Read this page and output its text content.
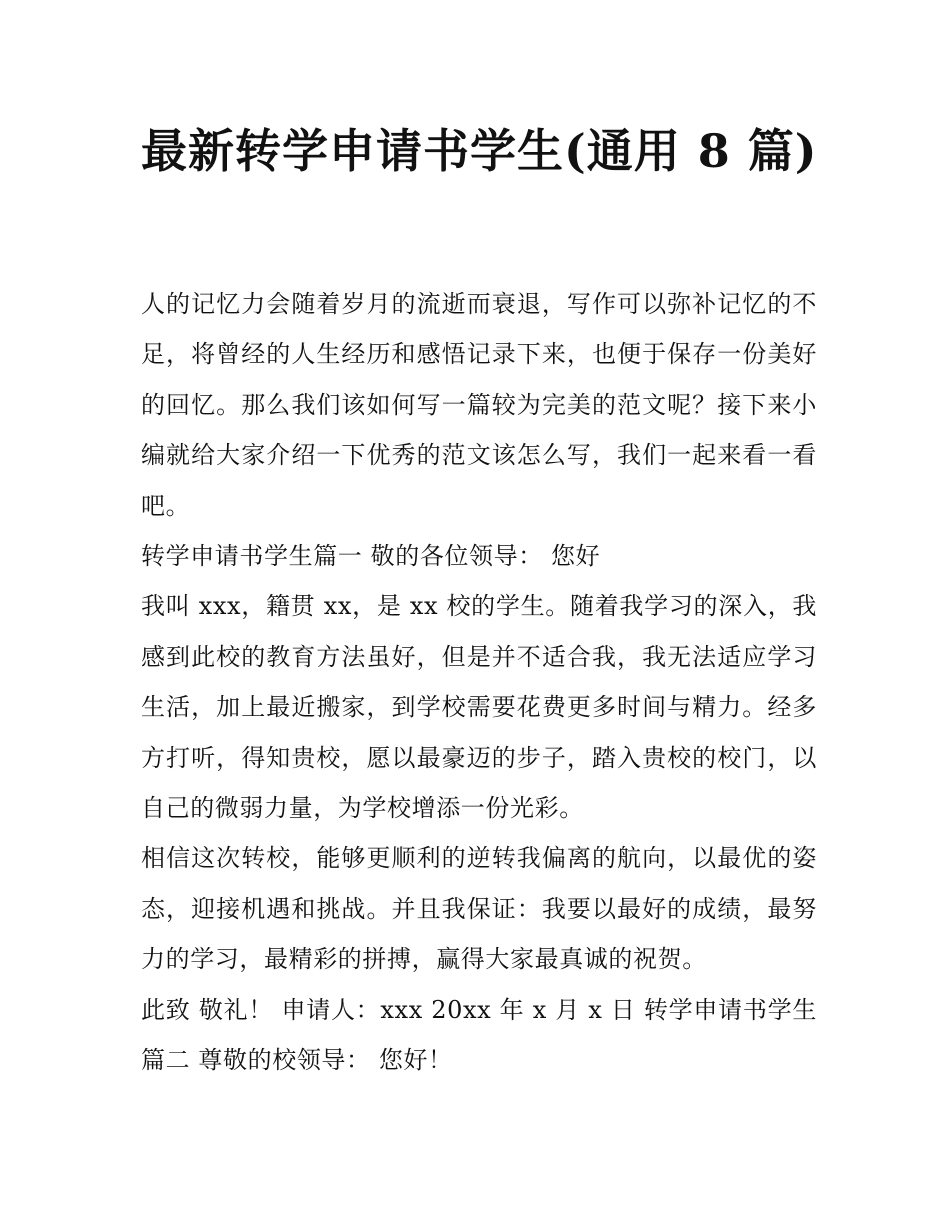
最新转学申请书学生(通用 8 篇)

人的记忆力会随着岁月的流逝而衰退，写作可以弥补记忆的不足，将曾经的人生经历和感悟记录下来，也便于保存一份美好的回忆。那么我们该如何写一篇较为完美的范文呢？接下来小编就给大家介绍一下优秀的范文该怎么写，我们一起来看一看吧。

转学申请书学生篇一 敬的各位领导： 您好

我叫 xxx，籍贯 xx，是 xx 校的学生。随着我学习的深入，我感到此校的教育方法虽好，但是并不适合我，我无法适应学习生活，加上最近搬家，到学校需要花费更多时间与精力。经多方打听，得知贵校，愿以最豪迈的步子，踏入贵校的校门，以自己的微弱力量，为学校增添一份光彩。

相信这次转校，能够更顺利的逆转我偏离的航向，以最优的姿态，迎接机遇和挑战。并且我保证：我要以最好的成绩，最努力的学习，最精彩的拼搏，赢得大家最真诚的祝贺。

此致 敬礼！ 申请人：xxx 20xx 年 x 月 x 日 转学申请书学生篇二 尊敬的校领导： 您好！
